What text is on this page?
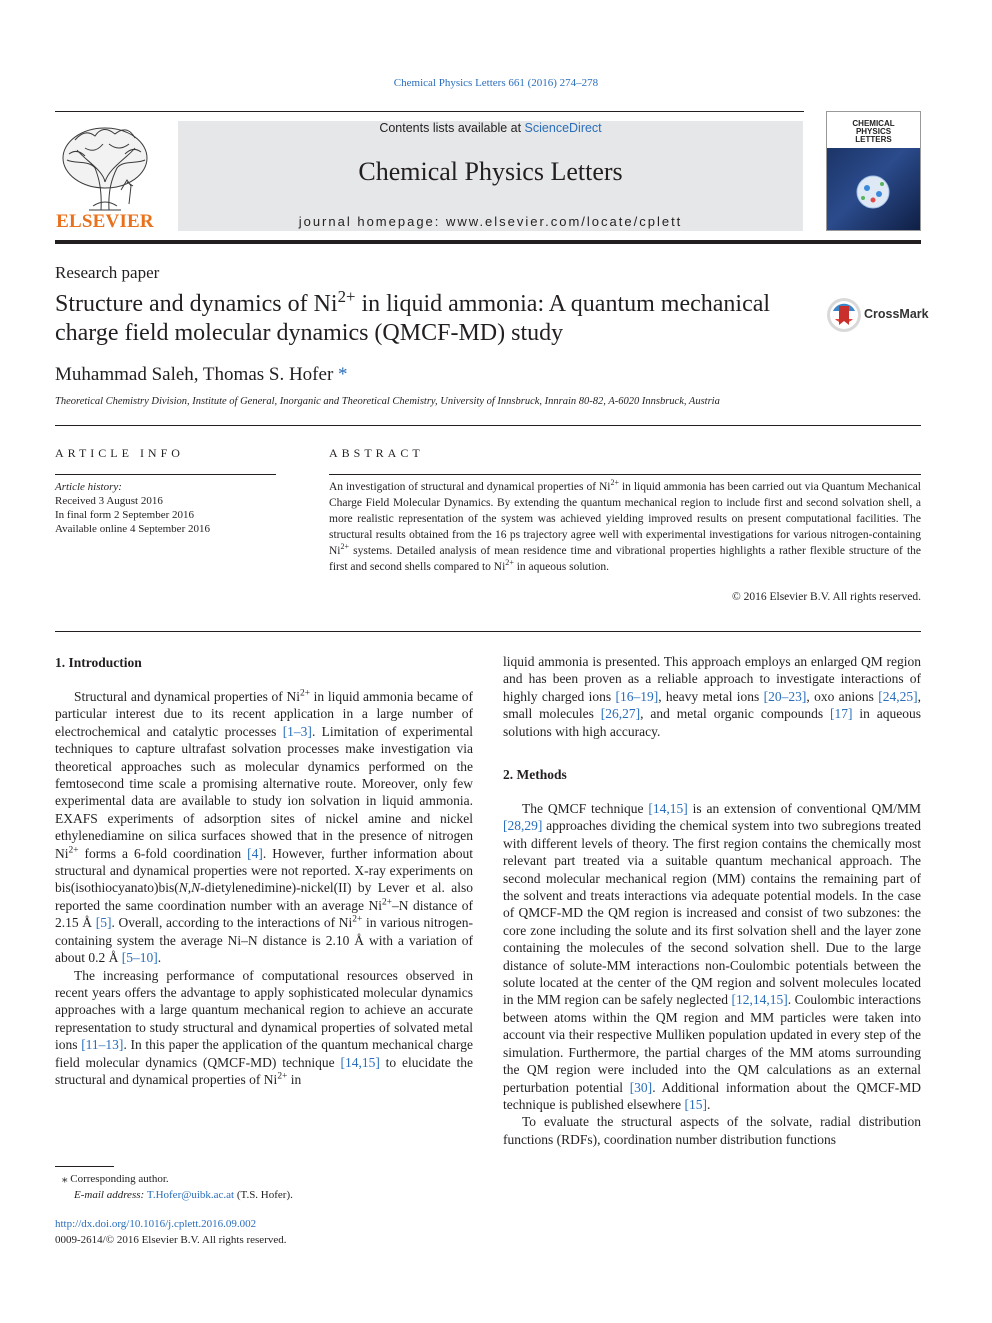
Chemical Physics Letters 661 (2016) 274–278
ELSEVIER
Contents lists available at ScienceDirect
Chemical Physics Letters
journal homepage: www.elsevier.com/locate/cplett
CHEMICAL
PHYSICS
LETTERS
Research paper
Structure and dynamics of $Ni^{2+}$ in liquid ammonia: A quantum mechanical charge field molecular dynamics (QMCF-MD) study
CrossMark
Muhammad Saleh, Thomas S. Hofer *
Theoretical Chemistry Division, Institute of General, Inorganic and Theoretical Chemistry, University of Innsbruck, Innrain 80-82, A-6020 Innsbruck, Austria
ARTICLE INFO	ABSTRACT
Article history:
Received 3 August 2016
In final form 2 September 2016
Available online 4 September 2016
An investigation of structural and dynamical properties of $Ni^{2+}$ in liquid ammonia has been carried out via Quantum Mechanical Charge Field Molecular Dynamics. By extending the quantum mechanical region to include first and second solvation shell, a more realistic representation of the system was achieved yielding improved results on present computational facilities. The structural results obtained from the 16 ps trajectory agree well with experimental investigations for various nitrogen-containing $Ni^{2+}$ systems. Detailed analysis of mean residence time and vibrational properties highlights a rather flexible structure of the first and second shells compared to $Ni^{2+}$ in aqueous solution.
© 2016 Elsevier B.V. All rights reserved.
1. Introduction

Structural and dynamical properties of $Ni^{2+}$ in liquid ammonia became of particular interest due to its recent application in a large number of electrochemical and catalytic processes [1–3]. Limitation of experimental techniques to capture ultrafast solvation processes make investigation via theoretical approaches such as molecular dynamics performed on the femtosecond time scale a promising alternative route. Moreover, only few experimental data are available to study ion solvation in liquid ammonia. EXAFS experiments of adsorption sites of nickel amine and nickel ethylenediamine on silica surfaces showed that in the presence of nitrogen $Ni^{2+}$ forms a 6-fold coordination [4]. However, further information about structural and dynamical properties were not reported. X-ray experiments on bis(isothiocyanato)bis(N,N-dietylenedimine)-nickel(II) by Lever et al. also reported the same coordination number with an average $Ni^{2+}-N$ distance of 2.15 Å [5]. Overall, according to the interactions of $Ni^{2+}$ in various nitrogen-containing system the average Ni–N distance is 2.10 Å with a variation of about 0.2 Å [5–10].

The increasing performance of computational resources observed in recent years offers the advantage to apply sophisticated molecular dynamics approaches with a large quantum mechanical region to achieve an accurate representation to study structural and dynamical properties of solvated metal ions [11–13]. In this paper the application of the quantum mechanical charge field molecular dynamics (QMCF-MD) technique [14,15] to elucidate the structural and dynamical properties of $Ni^{2+}$ in

liquid ammonia is presented. This approach employs an enlarged QM region and has been proven as a reliable approach to investigate interactions of highly charged ions [16–19], heavy metal ions [20–23], oxo anions [24,25], small molecules [26,27], and metal organic compounds [17] in aqueous solutions with high accuracy.

2. Methods

The QMCF technique [14,15] is an extension of conventional QM/MM [28,29] approaches dividing the chemical system into two subregions treated with different levels of theory. The first region contains the chemically most relevant part treated via a suitable quantum mechanical approach. The second molecular mechanical region (MM) contains the remaining part of the solvent and treats interactions via adequate potential models. In the case of QMCF-MD the QM region is increased and consist of two subzones: the core zone including the solute and its first solvation shell and the layer zone containing the molecules of the second solvation shell. Due to the large distance of solute-MM interactions non-Coulombic potentials between the solute located at the center of the QM region and solvent molecules located in the MM region can be safely neglected [12,14,15]. Coulombic interactions between atoms within the QM region and MM particles were taken into account via their respective Mulliken population updated in every step of the simulation. Furthermore, the partial charges of the MM atoms surrounding the QM region were included into the QM calculations as an external perturbation potential [30]. Additional information about the QMCF-MD technique is published elsewhere [15].

To evaluate the structural aspects of the solvate, radial distribution functions (RDFs), coordination number distribution functions

⁎ Corresponding author.
E-mail address: T.Hofer@uibk.ac.at (T.S. Hofer).
http://dx.doi.org/10.1016/j.cplett.2016.09.002
0009-2614/© 2016 Elsevier B.V. All rights reserved.
